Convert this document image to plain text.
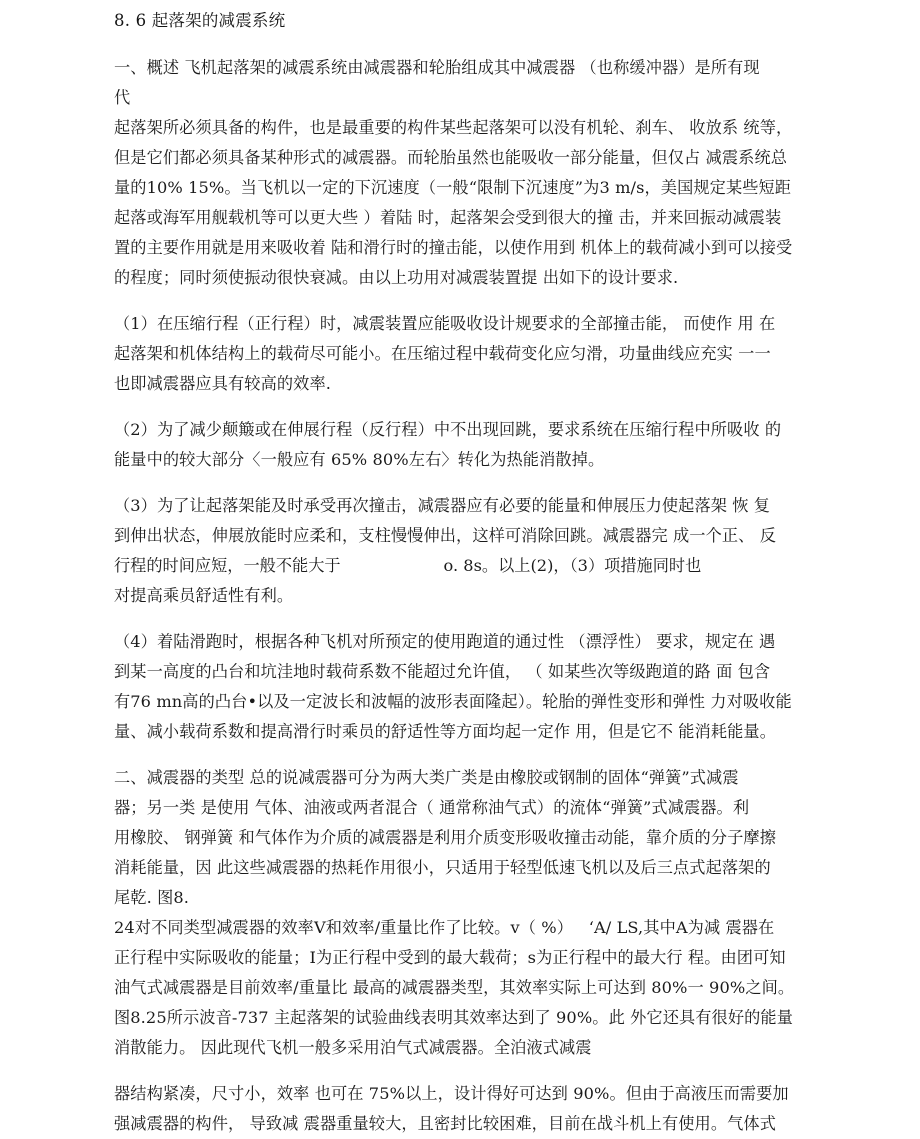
8. 6 起落架的减震系统
一、概述 飞机起落架的减震系统由减震器和轮胎组成其中减震器 （也称缓冲器）是所有现
代
起落架所必须具备的构件，也是最重要的构件某些起落架可以没有机轮、刹车、 收放系 统等，
但是它们都必须具备某种形式的减震器。而轮胎虽然也能吸收一部分能量，但仅占 减震系统总
量的10% 15%。当飞机以一定的下沉速度（一般“限制下沉速度”为3 m/s，美国规定某些短距
起落或海军用舰载机等可以更大些 ）着陆 时，起落架会受到很大的撞 击，并来回振动减震装
置的主要作用就是用来吸收着 陆和滑行时的撞击能，以使作用到 机体上的载荷减小到可以接受
的程度；同时须使振动很快衰减。由以上功用对减震装置提 出如下的设计要求.
（1）在压缩行程（正行程）时，减震装置应能吸收设计规要求的全部撞击能， 而使作 用 在
起落架和机体结构上的载荷尽可能小。在压缩过程中载荷变化应匀滑，功量曲线应充实 一一
也即减震器应具有较高的效率.
（2）为了减少颠簸或在伸展行程（反行程）中不出现回跳，要求系统在压缩行程中所吸收 的
能量中的较大部分〈一般应有 65% 80%左右〉转化为热能消散掉。
（3）为了让起落架能及时承受再次撞击，减震器应有必要的能量和伸展压力使起落架 恢 复
到伸出状态，伸展放能时应柔和，支柱慢慢伸出，这样可消除回跳。减震器完 成一个正、 反
行程的时间应短，一般不能大于                    o. 8s。以上(2)，（3）项措施同时也
对提高乘员舒适性有利。
（4）着陆滑跑时，根据各种飞机对所预定的使用跑道的通过性 （漂浮性） 要求，规定在 遇
到某一高度的凸台和坑洼地时载荷系数不能超过允许值， （ 如某些次等级跑道的路 面 包含
有76 mn高的凸台•以及一定波长和波幅的波形表面隆起）。轮胎的弹性变形和弹性 力对吸收能
量、减小载荷系数和提高滑行时乘员的舒适性等方面均起一定作 用，但是它不 能消耗能量。
二、减震器的类型 总的说减震器可分为两大类广类是由橡胶或钢制的固体“弹簧”式减震
器；另一类 是使用 气体、油液或两者混合（ 通常称油气式）的流体“弹簧”式减震器。利
用橡胶、 钢弹簧 和气体作为介质的减震器是利用介质变形吸收撞击动能，靠介质的分子摩擦
消耗能量，因 此这些减震器的热耗作用很小，只适用于轻型低速飞机以及后三点式起落架的
尾乾. 图8.
24对不同类型减震器的效率V和效率/重量比作了比较。v（ %）   ‘A/ LS,其中A为减 震器在
正行程中实际吸收的能量；I为正行程中受到的最大载荷；s为正行程中的最大行 程。由团可知
油气式减震器是目前效率/重量比 最高的减震器类型，其效率实际上可达到 80%一 90%之间。
图8.25所示波音-737 主起落架的试验曲线表明其效率达到了 90%。此 外它还具有很好的能量
消散能力。 因此现代飞机一般多采用泊气式减震器。全泊液式减震
器结构紧凑，尺寸小，效率 也可在 75%以上，设计得好可达到 90%。但由于高液压而需要加
强减震器的构件， 导致减 震器重量较大，且密封比较困难，目前在战斗机上有使用。气体式
